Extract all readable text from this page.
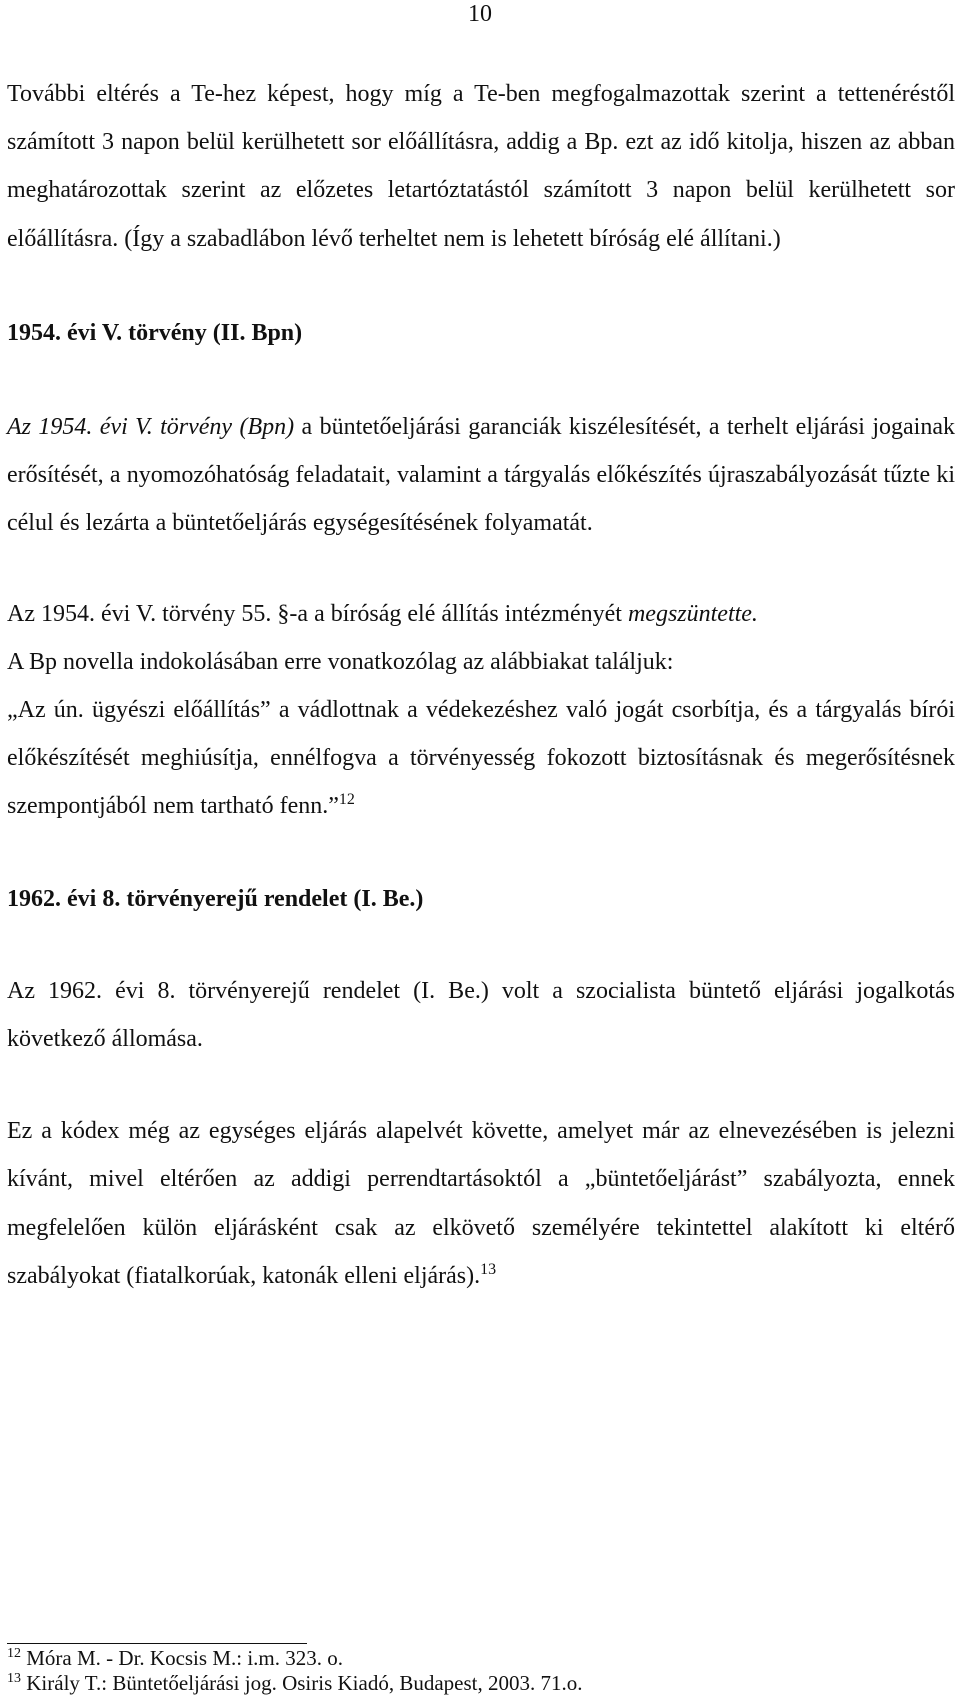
10

További eltérés a Te-hez képest, hogy míg a Te-ben megfogalmazottak szerint a tettenéréstől számított 3 napon belül kerülhetett sor előállításra, addig a Bp. ezt az idő kitolja, hiszen az abban meghatározottak szerint az előzetes letartóztatástól számított 3 napon belül kerülhetett sor előállításra. (Így a szabadlábon lévő terheltet nem is lehetett bíróság elé állítani.)

1954. évi V. törvény (II. Bpn)

Az 1954. évi V. törvény (Bpn) a büntetőeljárási garanciák kiszélesítését, a terhelt eljárási jogainak erősítését, a nyomozóhatóság feladatait, valamint a tárgyalás előkészítés újraszabályozását tűzte ki célul és lezárta a büntetőeljárás egységesítésének folyamatát.

Az 1954. évi V. törvény 55. §-a a bíróság elé állítás intézményét megszüntette.

A Bp novella indokolásában erre vonatkozólag az alábbiakat találjuk:

„Az ún. ügyészi előállítás” a vádlottnak a védekezéshez való jogát csorbítja, és a tárgyalás bírói előkészítését meghiúsítja, ennélfogva a törvényesség fokozott biztosításnak és megerősítésnek szempontjából nem tartható fenn.”$^{12}$

1962. évi 8. törvényerejű rendelet (I. Be.)

Az 1962. évi 8. törvényerejű rendelet (I. Be.) volt a szocialista büntető eljárási jogalkotás következő állomása.

Ez a kódex még az egységes eljárás alapelvét követte, amelyet már az elnevezésében is jelezni kívánt, mivel eltérően az addigi perrendtartásoktól a „büntetőeljárást” szabályozta, ennek megfelelően külön eljárásként csak az elkövető személyére tekintettel alakított ki eltérő szabályokat (fiatalkorúak, katonák elleni eljárás).$^{13}$

$^{12}$ Móra M. - Dr. Kocsis M.: i.m. 323. o.
$^{13}$ Király T.: Büntetőeljárási jog. Osiris Kiadó, Budapest, 2003. 71.o.
